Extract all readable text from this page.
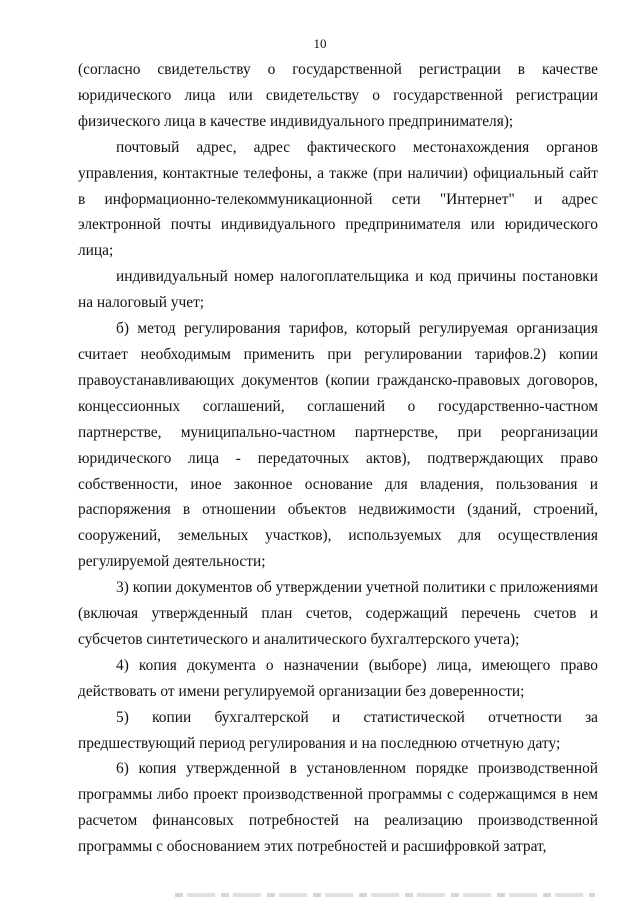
10

(согласно свидетельству о государственной регистрации в качестве юридического лица или свидетельству о государственной регистрации физического лица в качестве индивидуального предпринимателя);

почтовый адрес, адрес фактического местонахождения органов управления, контактные телефоны, а также (при наличии) официальный сайт в информационно-телекоммуникационной сети "Интернет" и адрес электронной почты индивидуального предпринимателя или юридического лица;

индивидуальный номер налогоплательщика и код причины постановки на налоговый учет;

б) метод регулирования тарифов, который регулируемая организация считает необходимым применить при регулировании тарифов.2) копии правоустанавливающих документов (копии гражданско-правовых договоров, концессионных соглашений, соглашений о государственно-частном партнерстве, муниципально-частном партнерстве, при реорганизации юридического лица - передаточных актов), подтверждающих право собственности, иное законное основание для владения, пользования и распоряжения в отношении объектов недвижимости (зданий, строений, сооружений, земельных участков), используемых для осуществления регулируемой деятельности;

3) копии документов об утверждении учетной политики с приложениями (включая утвержденный план счетов, содержащий перечень счетов и субсчетов синтетического и аналитического бухгалтерского учета);

4) копия документа о назначении (выборе) лица, имеющего право действовать от имени регулируемой организации без доверенности;

5) копии бухгалтерской и статистической отчетности за предшествующий период регулирования и на последнюю отчетную дату;

6) копия утвержденной в установленном порядке производственной программы либо проект производственной программы с содержащимся в нем расчетом финансовых потребностей на реализацию производственной программы с обоснованием этих потребностей и расшифровкой затрат,
